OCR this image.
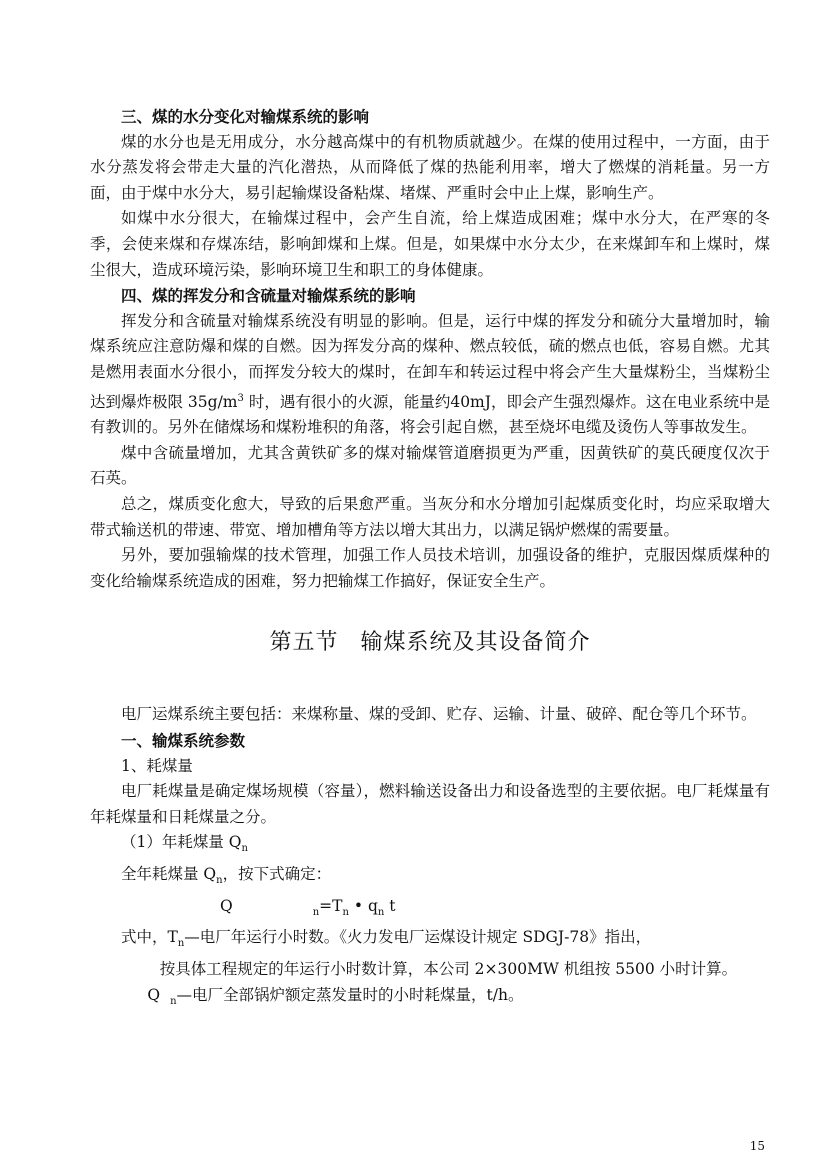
三、煤的水分变化对输煤系统的影响

煤的水分也是无用成分，水分越高煤中的有机物质就越少。在煤的使用过程中，一方面，由于水分蒸发将会带走大量的汽化潜热，从而降低了煤的热能利用率，增大了燃煤的消耗量。另一方面，由于煤中水分大，易引起输煤设备粘煤、堵煤、严重时会中止上煤，影响生产。

如煤中水分很大，在输煤过程中，会产生自流，给上煤造成困难；煤中水分大，在严寒的冬季，会使来煤和存煤冻结，影响卸煤和上煤。但是，如果煤中水分太少，在来煤卸车和上煤时，煤尘很大，造成环境污染，影响环境卫生和职工的身体健康。

四、煤的挥发分和含硫量对输煤系统的影响

挥发分和含硫量对输煤系统没有明显的影响。但是，运行中煤的挥发分和硫分大量增加时，输煤系统应注意防爆和煤的自燃。因为挥发分高的煤种、燃点较低，硫的燃点也低，容易自燃。尤其是燃用表面水分很小，而挥发分较大的煤时，在卸车和转运过程中将会产生大量煤粉尘，当煤粉尘达到爆炸极限 $35g/m^3$ 时，遇有很小的火源，能量约40mJ，即会产生强烈爆炸。这在电业系统中是有教训的。另外在储煤场和煤粉堆积的角落，将会引起自燃，甚至烧坏电缆及烫伤人等事故发生。

煤中含硫量增加，尤其含黄铁矿多的煤对输煤管道磨损更为严重，因黄铁矿的莫氏硬度仅次于石英。

总之，煤质变化愈大，导致的后果愈严重。当灰分和水分增加引起煤质变化时，均应采取增大带式输送机的带速、带宽、增加槽角等方法以增大其出力，以满足锅炉燃煤的需要量。

另外，要加强输煤的技术管理，加强工作人员技术培训，加强设备的维护，克服因煤质煤种的变化给输煤系统造成的困难，努力把输煤工作搞好，保证安全生产。

第五节 输煤系统及其设备简介

电厂运煤系统主要包括：来煤称量、煤的受卸、贮存、运输、计量、破碎、配仓等几个环节。

一、输煤系统参数

1、耗煤量

电厂耗煤量是确定煤场规模（容量），燃料输送设备出力和设备选型的主要依据。电厂耗煤量有年耗煤量和日耗煤量之分。

（1）年耗煤量 $Q_n$

全年耗煤量 $Q_n$，按下式确定：

Q	$_n=T_n$ • $q_n$ t

式中，$T_n—$电厂年运行小时数。《火力发电厂运煤设计规定 SDGJ-78》指出，

按具体工程规定的年运行小时数计算，本公司 2×300MW 机组按 5500 小时计算。

Q $_n$—电厂全部锅炉额定蒸发量时的小时耗煤量，t/h。

15
